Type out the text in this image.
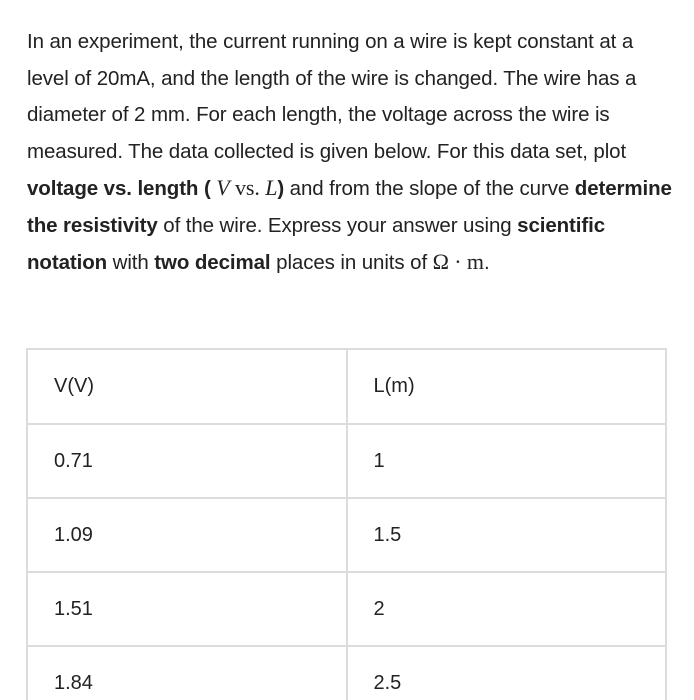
In an experiment, the current running on a wire is kept constant at a level of 20mA, and the length of the wire is changed. The wire has a diameter of 2 mm. For each length, the voltage across the wire is measured. The data collected is given below. For this data set, plot voltage vs. length ( V vs. L) and from the slope of the curve determine the resistivity of the wire. Express your answer using scientific notation with two decimal places in units of Ω · m.
V(V)	L(m)
0.71	1
1.09	1.5
1.51	2
1.84	2.5
